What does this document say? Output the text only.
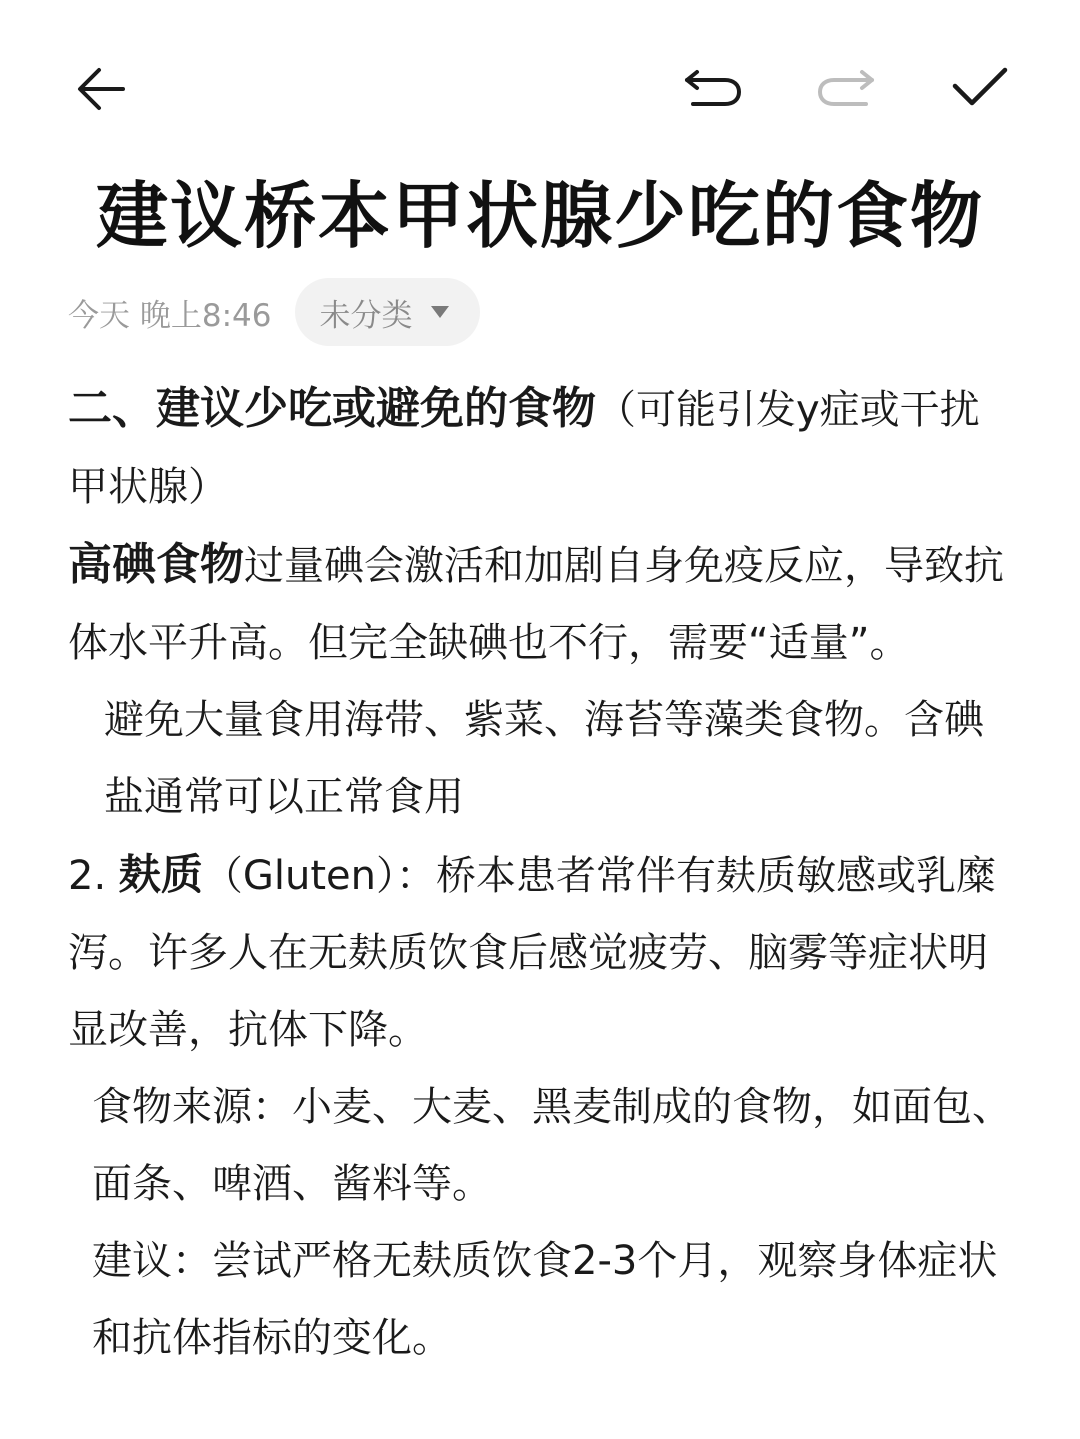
建议桥本甲状腺少吃的食物
今天 晚上8:46 未分类

二、建议少吃或避免的食物（可能引发y症或干扰甲状腺）

高碘食物过量碘会激活和加剧自身免疫反应，导致抗体水平升高。但完全缺碘也不行，需要“适量”。

避免大量食用海带、紫菜、海苔等藻类食物。含碘盐通常可以正常食用

2. 麸质（Gluten）：桥本患者常伴有麸质敏感或乳糜泻。许多人在无麸质饮食后感觉疲劳、脑雾等症状明显改善，抗体下降。

食物来源：小麦、大麦、黑麦制成的食物，如面包、面条、啤酒、酱料等。

建议：尝试严格无麸质饮食2-3个月，观察身体症状和抗体指标的变化。
